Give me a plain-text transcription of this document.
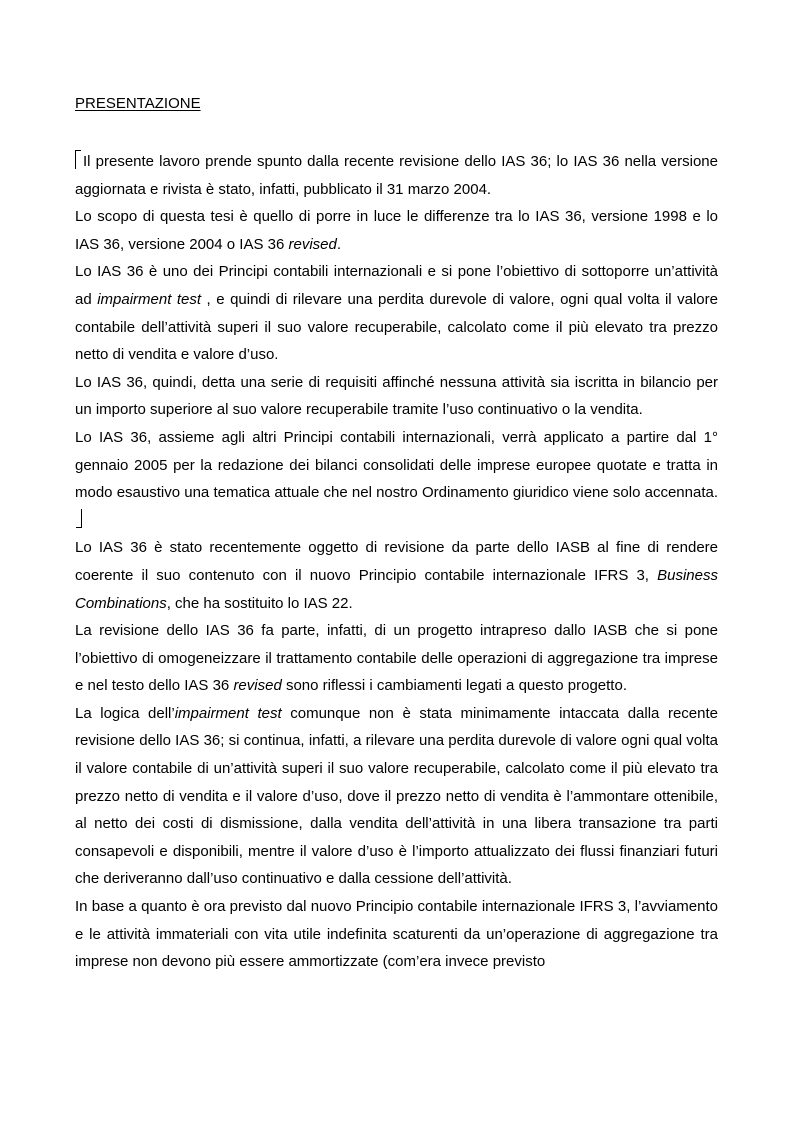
PRESENTAZIONE

Il presente lavoro prende spunto dalla recente revisione dello IAS 36; lo IAS 36 nella versione aggiornata e rivista è stato, infatti, pubblicato il 31 marzo 2004.

Lo scopo di questa tesi è quello di porre in luce le differenze tra lo IAS 36, versione 1998 e lo IAS 36, versione 2004 o IAS 36 revised.

Lo IAS 36 è uno dei Principi contabili internazionali e si pone l’obiettivo di sottoporre un’attività ad impairment test , e quindi di rilevare una perdita durevole di valore, ogni qual volta il valore contabile dell’attività superi il suo valore recuperabile, calcolato come il più elevato tra prezzo netto di vendita e valore d’uso.

Lo IAS 36, quindi, detta una serie di requisiti affinché nessuna attività sia iscritta in bilancio per un importo superiore al suo valore recuperabile tramite l’uso continuativo o la vendita.

Lo IAS 36, assieme agli altri Principi contabili internazionali, verrà applicato a partire dal 1° gennaio 2005 per la redazione dei bilanci consolidati delle imprese europee quotate e tratta in modo esaustivo una tematica attuale che nel nostro Ordinamento giuridico viene solo accennata.

Lo IAS 36 è stato recentemente oggetto di revisione da parte dello IASB al fine di rendere coerente il suo contenuto con il nuovo Principio contabile internazionale IFRS 3, Business Combinations, che ha sostituito lo IAS 22.

La revisione dello IAS 36 fa parte, infatti, di un progetto intrapreso dallo IASB che si pone l’obiettivo di omogeneizzare il trattamento contabile delle operazioni di aggregazione tra imprese e nel testo dello IAS 36 revised sono riflessi i cambiamenti legati a questo progetto.

La logica dell’impairment test comunque non è stata minimamente intaccata dalla recente revisione dello IAS 36; si continua, infatti, a rilevare una perdita durevole di valore ogni qual volta il valore contabile di un’attività superi il suo valore recuperabile, calcolato come il più elevato tra prezzo netto di vendita e il valore d’uso, dove il prezzo netto di vendita è l’ammontare ottenibile, al netto dei costi di dismissione, dalla vendita dell’attività in una libera transazione tra parti consapevoli e disponibili, mentre il valore d’uso è l’importo attualizzato dei flussi finanziari futuri che deriveranno dall’uso continuativo e dalla cessione dell’attività.

In base a quanto è ora previsto dal nuovo Principio contabile internazionale IFRS 3, l’avviamento e le attività immateriali con vita utile indefinita scaturenti da un’operazione di aggregazione tra imprese non devono più essere ammortizzate (com’era invece previsto
